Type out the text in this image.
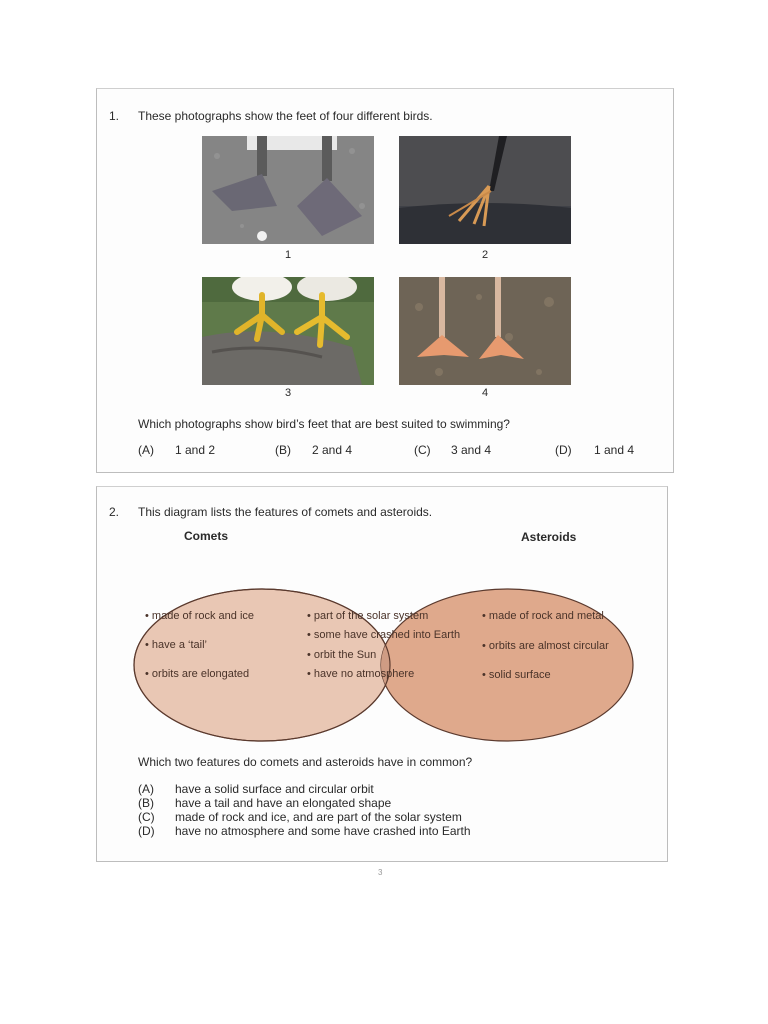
1. These photographs show the feet of four different birds.
1	2
3	4
Which photographs show bird’s feet that are best suited to swimming?
(A) 1 and 2	(B) 2 and 4	(C) 3 and 4	(D) 1 and 4
2. This diagram lists the features of comets and asteroids.
Comets	Asteroids
• made of rock and ice
• have a ‘tail’
• orbits are elongated
• part of the solar system
• some have crashed into Earth
• orbit the Sun
• have no atmosphere
• made of rock and metal
• orbits are almost circular
• solid surface
Which two features do comets and asteroids have in common?
(A) have a solid surface and circular orbit
(B) have a tail and have an elongated shape
(C) made of rock and ice, and are part of the solar system
(D) have no atmosphere and some have crashed into Earth
3
